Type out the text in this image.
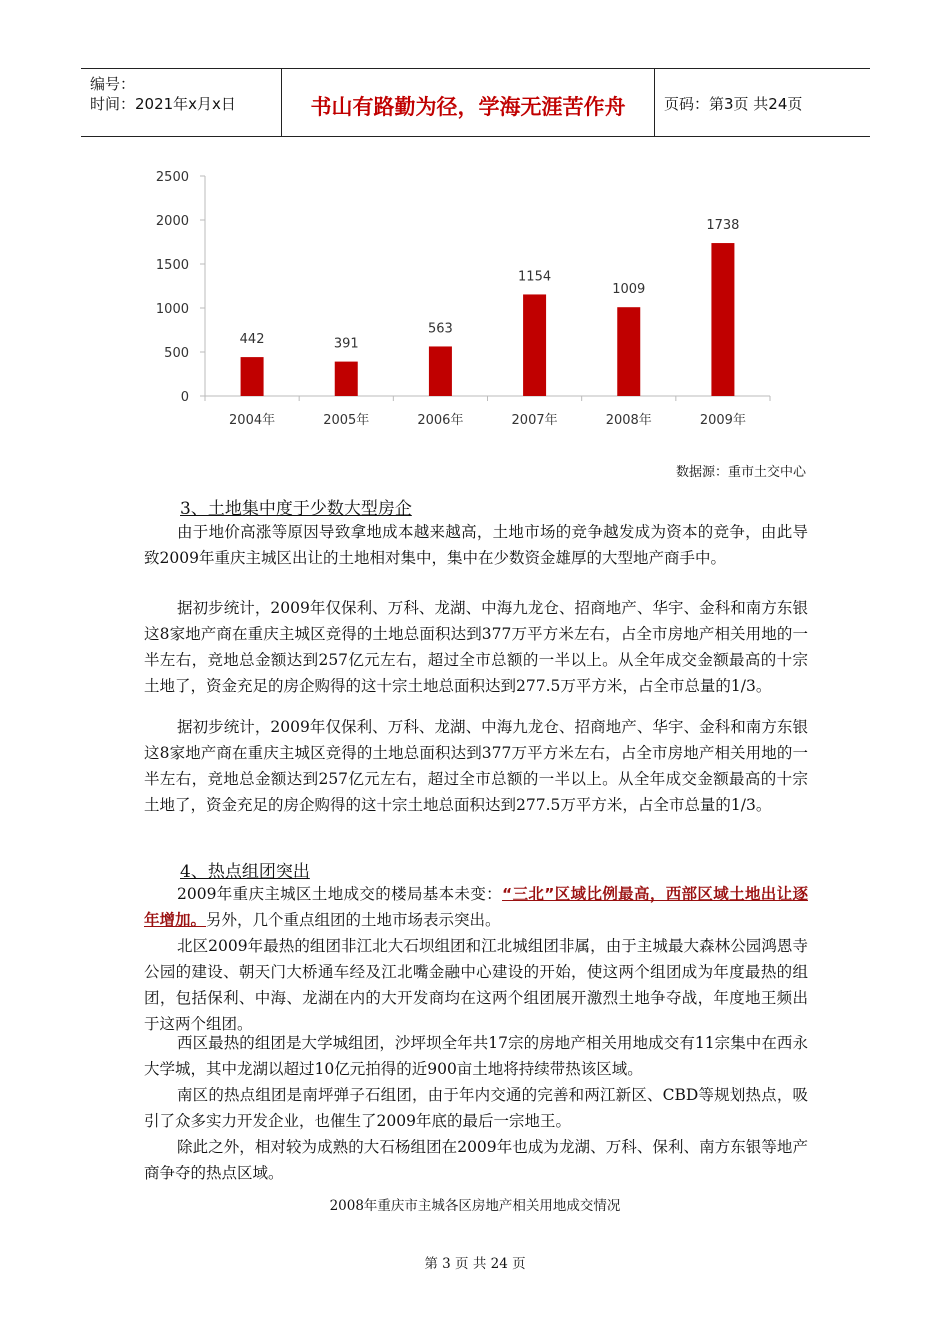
编号：
时间：2021年x月x日	书山有路勤为径，学海无涯苦作舟	页码：第3页 共24页
0
500
1000
1500
2000
2500
442
2004年
391
2005年
563
2006年
1154
2007年
1009
2008年
1738
2009年
数据源：重市土交中心
3、土地集中度于少数大型房企
由于地价高涨等原因导致拿地成本越来越高，土地市场的竞争越发成为资本的竞争，由此导致2009年重庆主城区出让的土地相对集中，集中在少数资金雄厚的大型地产商手中。
据初步统计，2009年仅保利、万科、龙湖、中海九龙仓、招商地产、华宇、金科和南方东银这8家地产商在重庆主城区竞得的土地总面积达到377万平方米左右，占全市房地产相关用地的一半左右，竞地总金额达到257亿元左右，超过全市总额的一半以上。从全年成交金额最高的十宗土地了，资金充足的房企购得的这十宗土地总面积达到277.5万平方米，占全市总量的1/3。
据初步统计，2009年仅保利、万科、龙湖、中海九龙仓、招商地产、华宇、金科和南方东银这8家地产商在重庆主城区竞得的土地总面积达到377万平方米左右，占全市房地产相关用地的一半左右，竞地总金额达到257亿元左右，超过全市总额的一半以上。从全年成交金额最高的十宗土地了，资金充足的房企购得的这十宗土地总面积达到277.5万平方米，占全市总量的1/3。
4、热点组团突出
2009年重庆主城区土地成交的楼局基本未变：“三北”区域比例最高，西部区域土地出让逐年增加。另外，几个重点组团的土地市场表示突出。
北区2009年最热的组团非江北大石坝组团和江北城组团非属，由于主城最大森林公园鸿恩寺公园的建设、朝天门大桥通车经及江北嘴金融中心建设的开始，使这两个组团成为年度最热的组团，包括保利、中海、龙湖在内的大开发商均在这两个组团展开激烈土地争夺战，年度地王频出于这两个组团。
西区最热的组团是大学城组团，沙坪坝全年共17宗的房地产相关用地成交有11宗集中在西永大学城，其中龙湖以超过10亿元拍得的近900亩土地将持续带热该区域。
南区的热点组团是南坪弹子石组团，由于年内交通的完善和两江新区、CBD等规划热点，吸引了众多实力开发企业，也催生了2009年底的最后一宗地王。
除此之外，相对较为成熟的大石杨组团在2009年也成为龙湖、万科、保利、南方东银等地产商争夺的热点区域。
2008年重庆市主城各区房地产相关用地成交情况
第 3 页 共 24 页
